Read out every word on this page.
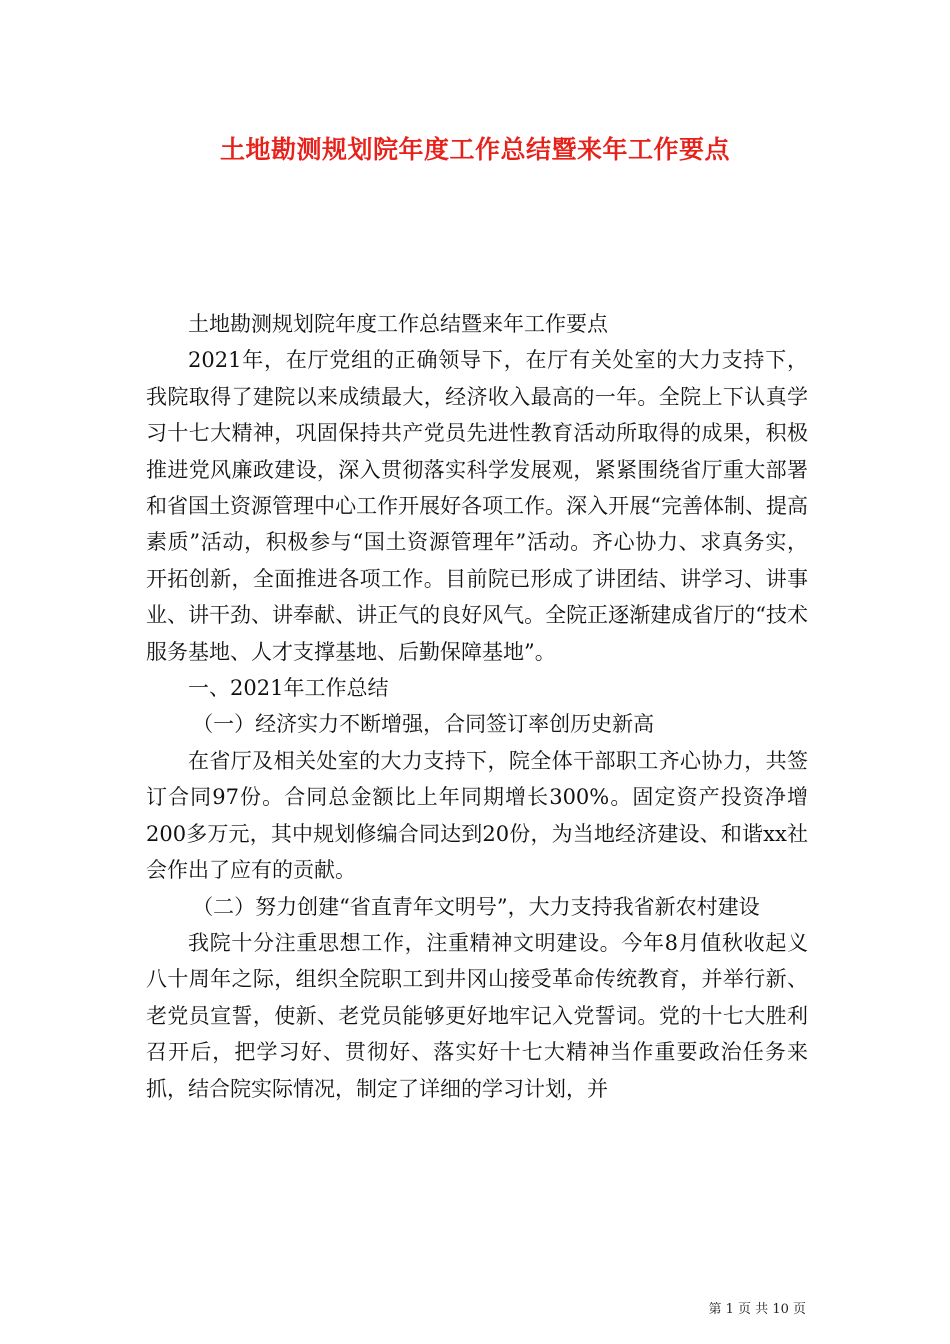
土地勘测规划院年度工作总结暨来年工作要点

土地勘测规划院年度工作总结暨来年工作要点

2021年，在厅党组的正确领导下，在厅有关处室的大力支持下，我院取得了建院以来成绩最大，经济收入最高的一年。全院上下认真学习十七大精神，巩固保持共产党员先进性教育活动所取得的成果，积极推进党风廉政建设，深入贯彻落实科学发展观，紧紧围绕省厅重大部署和省国土资源管理中心工作开展好各项工作。深入开展“完善体制、提高素质”活动，积极参与“国土资源管理年”活动。齐心协力、求真务实，开拓创新，全面推进各项工作。目前院已形成了讲团结、讲学习、讲事业、讲干劲、讲奉献、讲正气的良好风气。全院正逐渐建成省厅的“技术服务基地、人才支撑基地、后勤保障基地”。

一、2021年工作总结

（一）经济实力不断增强，合同签订率创历史新高

在省厅及相关处室的大力支持下，院全体干部职工齐心协力，共签订合同97份。合同总金额比上年同期增长300%。固定资产投资净增200多万元，其中规划修编合同达到20份，为当地经济建设、和谐xx社会作出了应有的贡献。

（二）努力创建“省直青年文明号”，大力支持我省新农村建设

我院十分注重思想工作，注重精神文明建设。今年8月值秋收起义八十周年之际，组织全院职工到井冈山接受革命传统教育，并举行新、老党员宣誓，使新、老党员能够更好地牢记入党誓词。党的十七大胜利召开后，把学习好、贯彻好、落实好十七大精神当作重要政治任务来抓，结合院实际情况，制定了详细的学习计划，并

第 1 页 共 10 页
